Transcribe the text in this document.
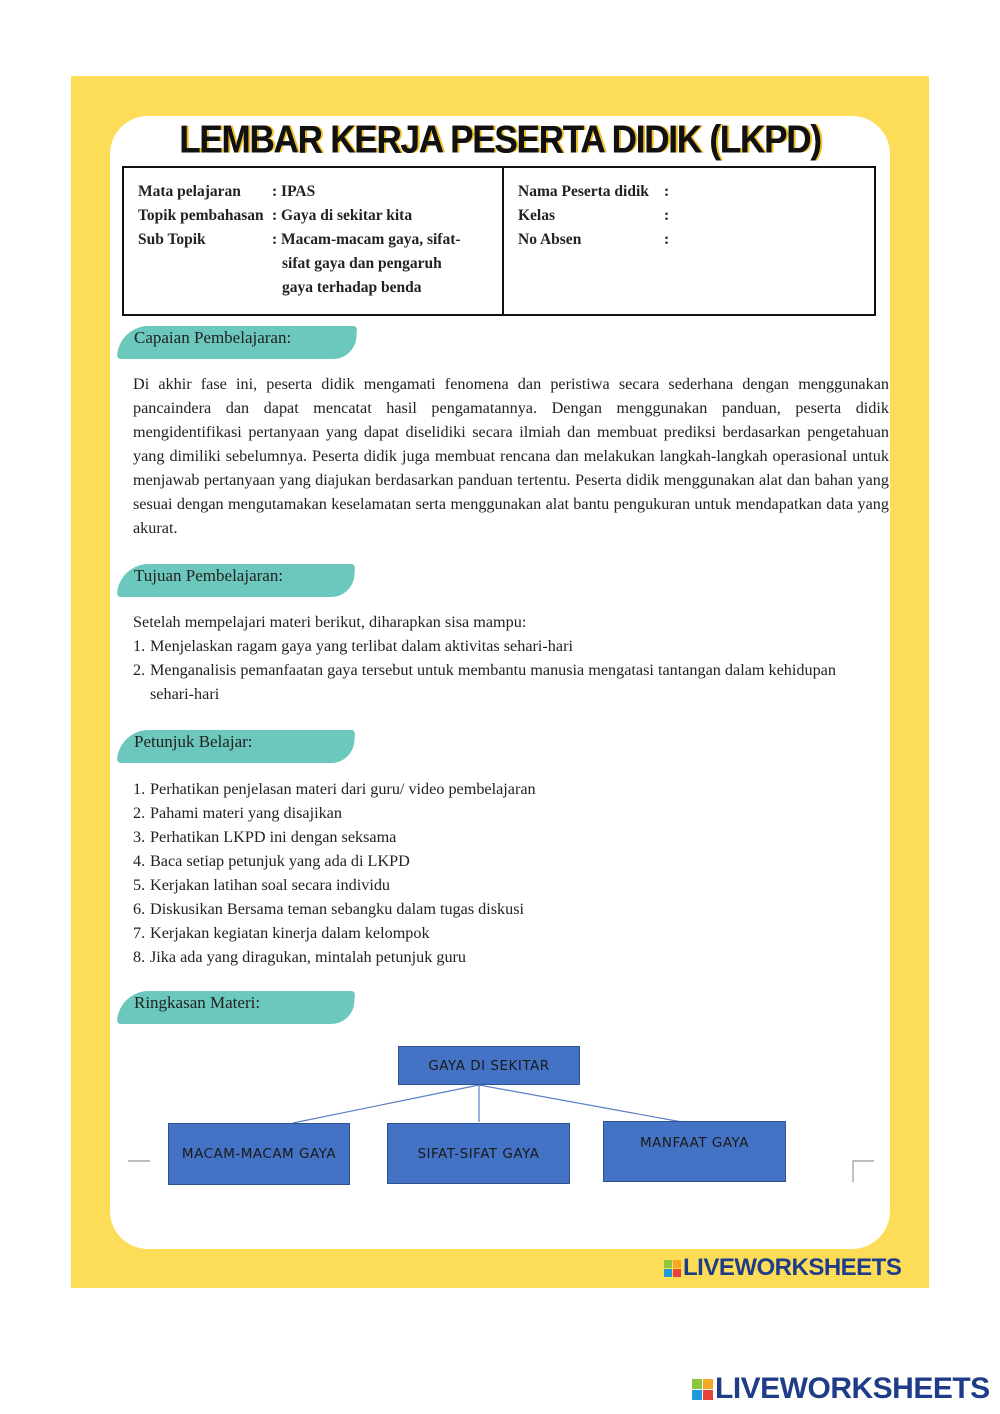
LEMBAR KERJA PESERTA DIDIK (LKPD)
Mata pelajaran	: IPAS
Topik pembahasan : Gaya di sekitar kita
Sub Topik	: Macam-macam gaya, sifat-
sifat gaya dan pengaruh
gaya terhadap benda
Nama Peserta didik :
Kelas	:
No Absen	:
Capaian Pembelajaran:
Di akhir fase ini, peserta didik mengamati fenomena dan peristiwa secara sederhana dengan menggunakan pancaindera dan dapat mencatat hasil pengamatannya. Dengan menggunakan panduan, peserta didik mengidentifikasi pertanyaan yang dapat diselidiki secara ilmiah dan membuat prediksi berdasarkan pengetahuan yang dimiliki sebelumnya. Peserta didik juga membuat rencana dan melakukan langkah-langkah operasional untuk menjawab pertanyaan yang diajukan berdasarkan panduan tertentu. Peserta didik menggunakan alat dan bahan yang sesuai dengan mengutamakan keselamatan serta menggunakan alat bantu pengukuran untuk mendapatkan data yang akurat.
Tujuan Pembelajaran:
Setelah mempelajari materi berikut, diharapkan sisa mampu:
1. Menjelaskan ragam gaya yang terlibat dalam aktivitas sehari-hari
2. Menganalisis pemanfaatan gaya tersebut untuk membantu manusia mengatasi tantangan dalam kehidupan sehari-hari
Petunjuk Belajar:
1. Perhatikan penjelasan materi dari guru/ video pembelajaran
2. Pahami materi yang disajikan
3. Perhatikan LKPD ini dengan seksama
4. Baca setiap petunjuk yang ada di LKPD
5. Kerjakan latihan soal secara individu
6. Diskusikan Bersama teman sebangku dalam tugas diskusi
7. Kerjakan kegiatan kinerja dalam kelompok
8. Jika ada yang diragukan, mintalah petunjuk guru
Ringkasan Materi:
GAYA DI SEKITAR
MACAM-MACAM GAYA	SIFAT-SIFAT GAYA
MANFAAT GAYA
LIVEWORKSHEETS
LIVEWORKSHEETS
